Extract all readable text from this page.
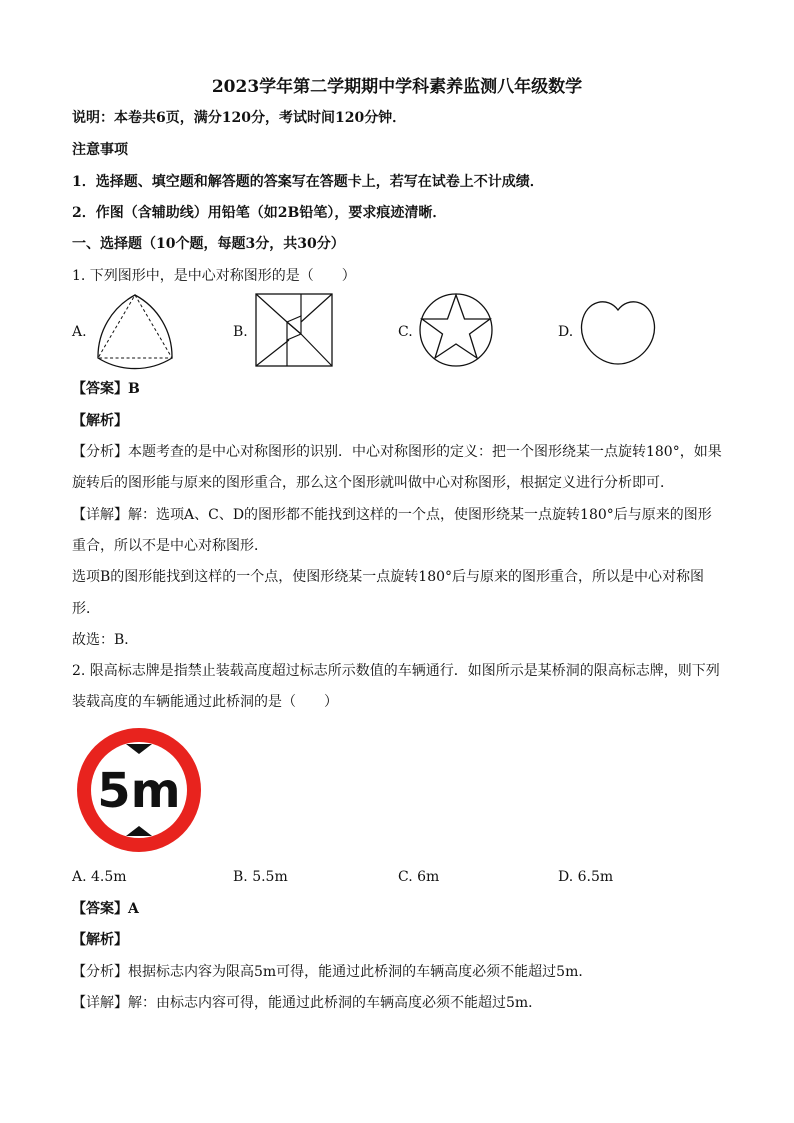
2023学年第二学期期中学科素养监测八年级数学
说明：本卷共6页，满分120分，考试时间120分钟．
注意事项
1．选择题、填空题和解答题的答案写在答题卡上，若写在试卷上不计成绩．
2．作图（含辅助线）用铅笔（如2B铅笔），要求痕迹清晰．
一、选择题（10个题，每题3分，共30分）
1. 下列图形中，是中心对称图形的是（　　）
A.	B.	C.	D.
【答案】B
【解析】
【分析】本题考查的是中心对称图形的识别．中心对称图形的定义：把一个图形绕某一点旋转180°，如果
旋转后的图形能与原来的图形重合，那么这个图形就叫做中心对称图形，根据定义进行分析即可．
【详解】解：选项A、C、D的图形都不能找到这样的一个点，使图形绕某一点旋转180°后与原来的图形
重合，所以不是中心对称图形．
选项B的图形能找到这样的一个点，使图形绕某一点旋转180°后与原来的图形重合，所以是中心对称图
形．
故选：B．
2. 限高标志牌是指禁止装载高度超过标志所示数值的车辆通行．如图所示是某桥洞的限高标志牌，则下列
装载高度的车辆能通过此桥洞的是（　　）
5m
A. 4.5m	B. 5.5m	C. 6m	D. 6.5m
【答案】A
【解析】
【分析】根据标志内容为限高5m可得，能通过此桥洞的车辆高度必须不能超过5m．
【详解】解：由标志内容可得，能通过此桥洞的车辆高度必须不能超过5m．
